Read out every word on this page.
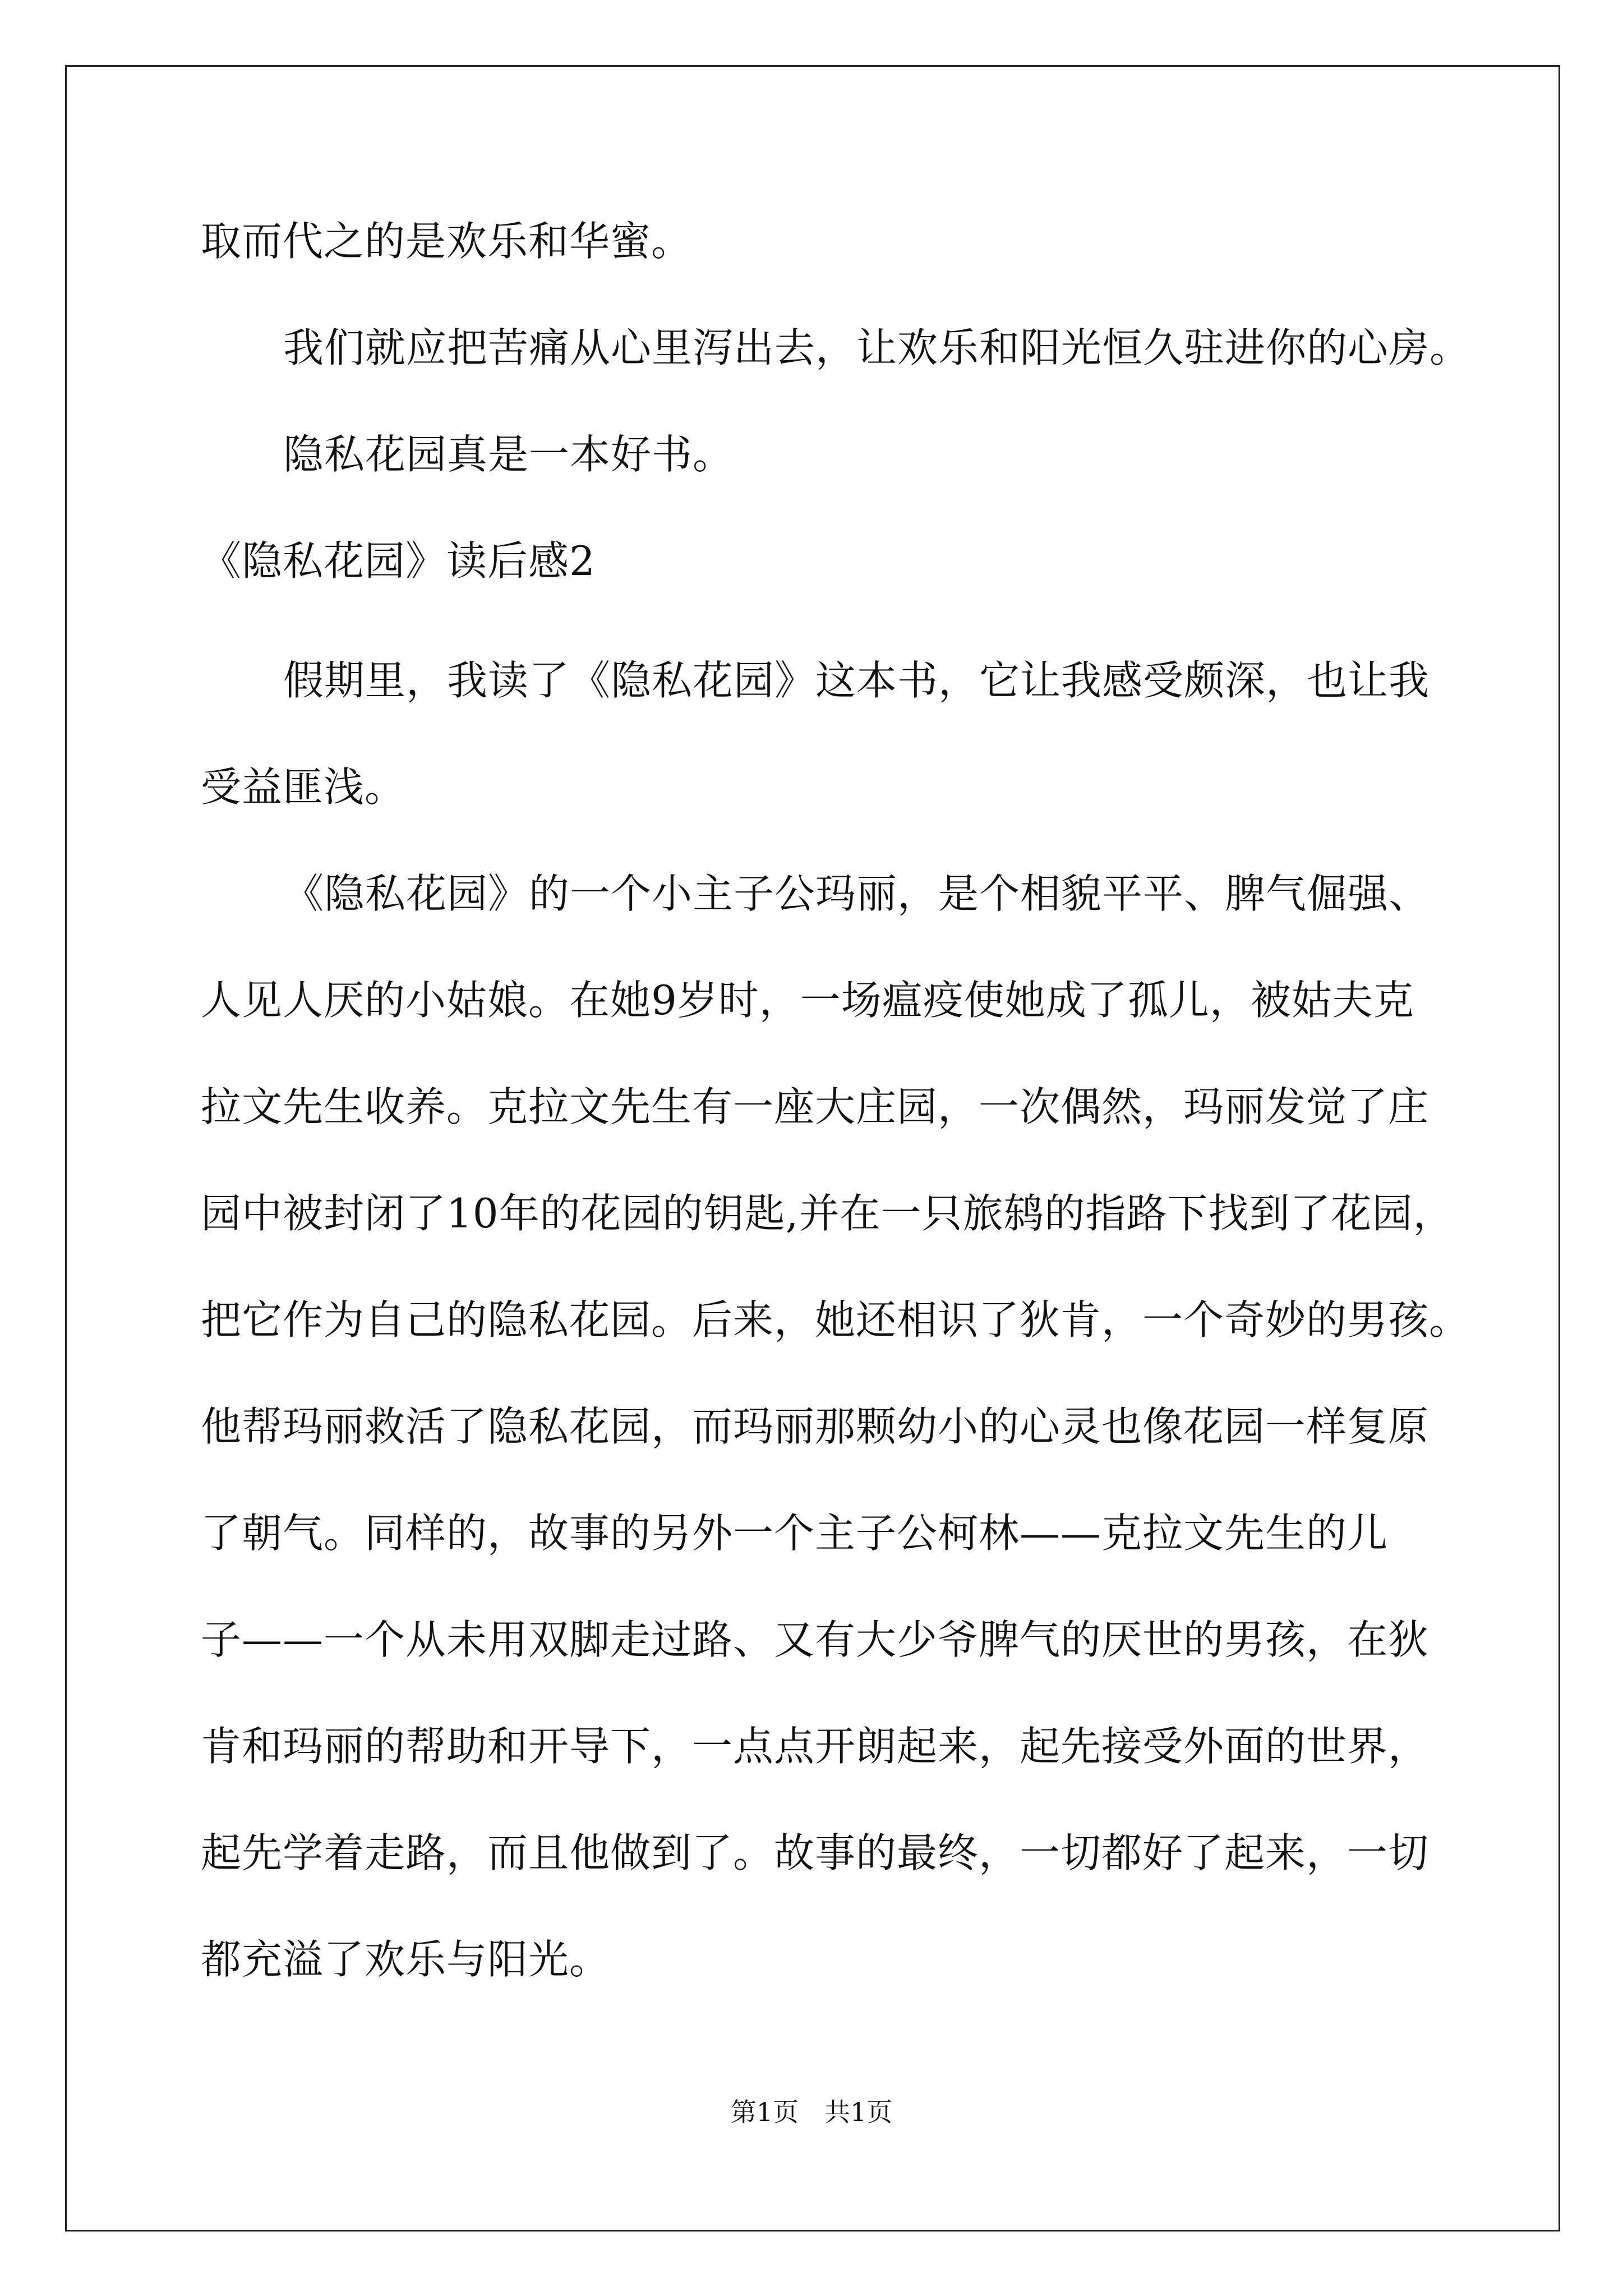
取而代之的是欢乐和华蜜。
我们就应把苦痛从心里泻出去，让欢乐和阳光恒久驻进你的心房。
隐私花园真是一本好书。
《隐私花园》读后感2
假期里，我读了《隐私花园》这本书，它让我感受颇深，也让我
受益匪浅。
《隐私花园》的一个小主子公玛丽，是个相貌平平、脾气倔强、
人见人厌的小姑娘。在她9岁时，一场瘟疫使她成了孤儿，被姑夫克
拉文先生收养。克拉文先生有一座大庄园，一次偶然，玛丽发觉了庄
园中被封闭了10年的花园的钥匙,并在一只旅鸫的指路下找到了花园，
把它作为自己的隐私花园。后来，她还相识了狄肯，一个奇妙的男孩。
他帮玛丽救活了隐私花园，而玛丽那颗幼小的心灵也像花园一样复原
了朝气。同样的，故事的另外一个主子公柯林——克拉文先生的儿
子——一个从未用双脚走过路、又有大少爷脾气的厌世的男孩，在狄
肯和玛丽的帮助和开导下，一点点开朗起来，起先接受外面的世界，
起先学着走路，而且他做到了。故事的最终，一切都好了起来，一切
都充溢了欢乐与阳光。
第1页　共1页
